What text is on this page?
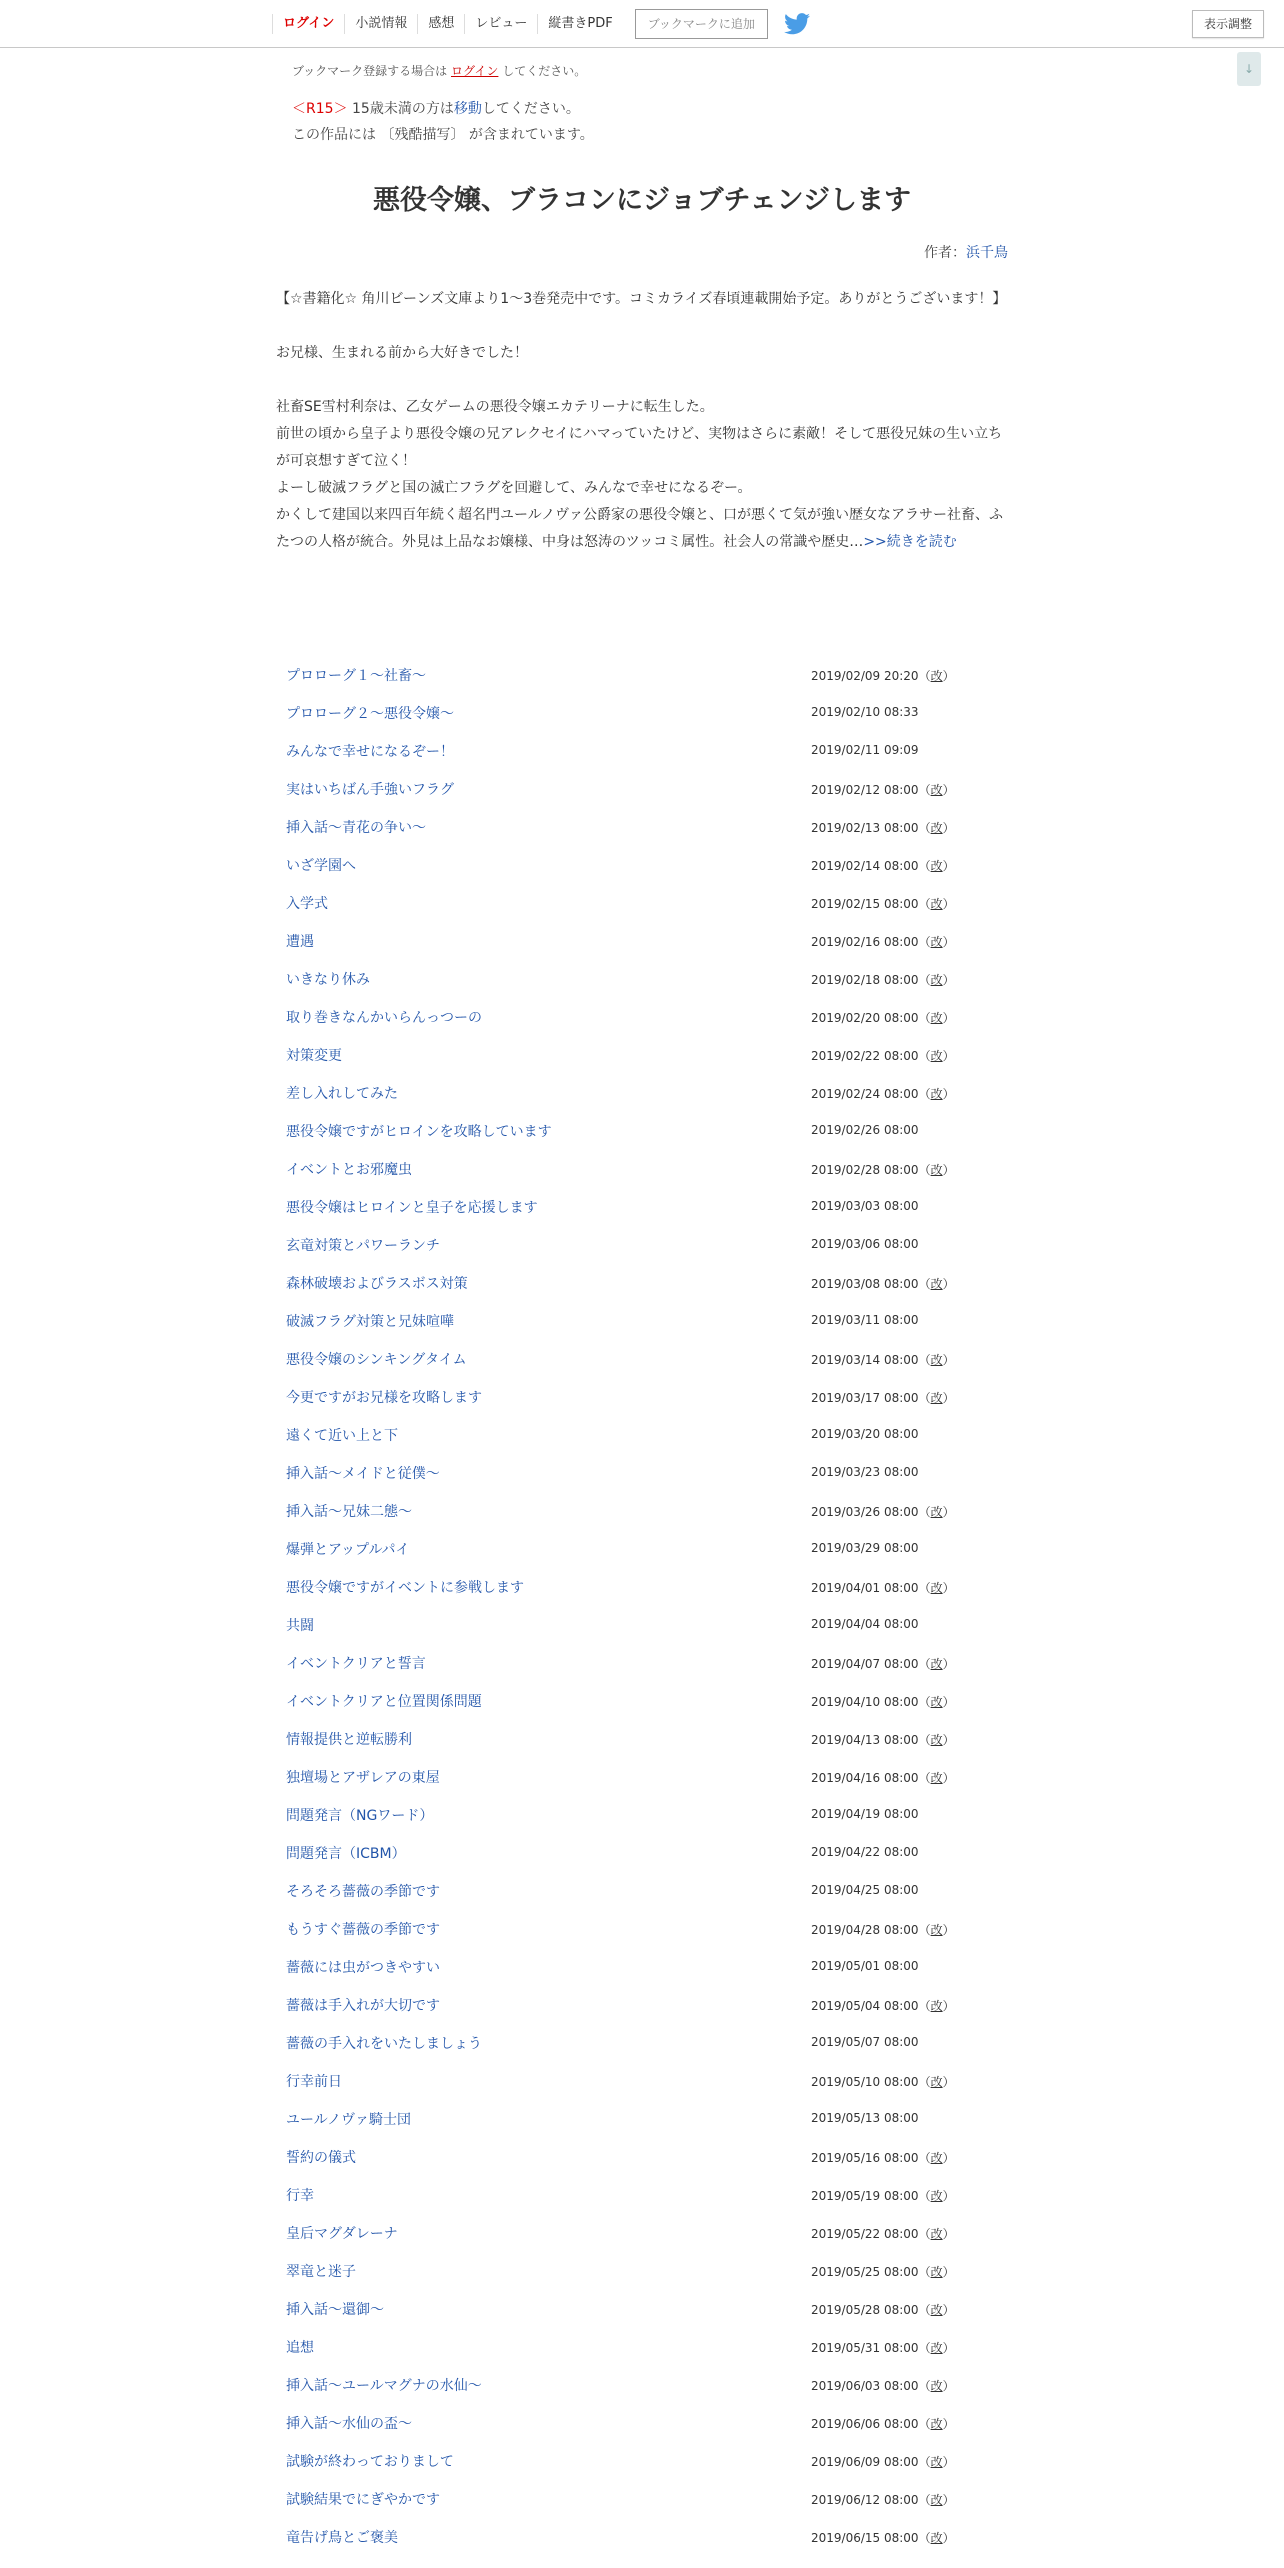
ログイン	小説情報	感想	レビュー	縦書きPDF	ブックマークに追加	表示調整
↓
ブックマーク登録する場合は ログイン してください。
＜R15＞ 15歳未満の方は移動してください。
この作品には 〔残酷描写〕 が含まれています。
悪役令嬢、ブラコンにジョブチェンジします
作者：浜千鳥

【☆書籍化☆ 角川ビーンズ文庫より1〜3巻発売中です。コミカライズ春頃連載開始予定。ありがとうございます！】

お兄様、生まれる前から大好きでした！

社畜SE雪村利奈は、乙女ゲームの悪役令嬢エカテリーナに転生した。

前世の頃から皇子より悪役令嬢の兄アレクセイにハマっていたけど、実物はさらに素敵！そして悪役兄妹の生い立ちが可哀想すぎて泣く！

よーし破滅フラグと国の滅亡フラグを回避して、みんなで幸せになるぞー。

かくして建国以来四百年続く超名門ユールノヴァ公爵家の悪役令嬢と、口が悪くて気が強い歴女なアラサー社畜、ふたつの人格が統合。外見は上品なお嬢様、中身は怒涛のツッコミ属性。社会人の常識や歴史…>>続きを読む

プロローグ１～社畜〜	2019/02/09 20:20（改）
プロローグ２～悪役令嬢〜	2019/02/10 08:33
みんなで幸せになるぞー！	2019/02/11 09:09
実はいちばん手強いフラグ	2019/02/12 08:00（改）
挿入話〜青花の争い〜	2019/02/13 08:00（改）
いざ学園へ	2019/02/14 08:00（改）
入学式	2019/02/15 08:00（改）
遭遇	2019/02/16 08:00（改）
いきなり休み	2019/02/18 08:00（改）
取り巻きなんかいらんっつーの	2019/02/20 08:00（改）
対策変更	2019/02/22 08:00（改）
差し入れしてみた	2019/02/24 08:00（改）
悪役令嬢ですがヒロインを攻略しています	2019/02/26 08:00
イベントとお邪魔虫	2019/02/28 08:00（改）
悪役令嬢はヒロインと皇子を応援します	2019/03/03 08:00
玄竜対策とパワーランチ	2019/03/06 08:00
森林破壊およびラスボス対策	2019/03/08 08:00（改）
破滅フラグ対策と兄妹喧嘩	2019/03/11 08:00
悪役令嬢のシンキングタイム	2019/03/14 08:00（改）
今更ですがお兄様を攻略します	2019/03/17 08:00（改）
遠くて近い上と下	2019/03/20 08:00
挿入話〜メイドと従僕〜	2019/03/23 08:00
挿入話〜兄妹二態〜	2019/03/26 08:00（改）
爆弾とアップルパイ	2019/03/29 08:00
悪役令嬢ですがイベントに参戦します	2019/04/01 08:00（改）
共闘	2019/04/04 08:00
イベントクリアと誓言	2019/04/07 08:00（改）
イベントクリアと位置関係問題	2019/04/10 08:00（改）
情報提供と逆転勝利	2019/04/13 08:00（改）
独壇場とアザレアの東屋	2019/04/16 08:00（改）
問題発言（NGワード）	2019/04/19 08:00
問題発言（ICBM）	2019/04/22 08:00
そろそろ薔薇の季節です	2019/04/25 08:00
もうすぐ薔薇の季節です	2019/04/28 08:00（改）
薔薇には虫がつきやすい	2019/05/01 08:00
薔薇は手入れが大切です	2019/05/04 08:00（改）
薔薇の手入れをいたしましょう	2019/05/07 08:00
行幸前日	2019/05/10 08:00（改）
ユールノヴァ騎士団	2019/05/13 08:00
誓約の儀式	2019/05/16 08:00（改）
行幸	2019/05/19 08:00（改）
皇后マグダレーナ	2019/05/22 08:00（改）
翠竜と迷子	2019/05/25 08:00（改）
挿入話〜還御〜	2019/05/28 08:00（改）
追想	2019/05/31 08:00（改）
挿入話～ユールマグナの水仙～	2019/06/03 08:00（改）
挿入話～水仙の盃～	2019/06/06 08:00（改）
試験が終わっておりまして	2019/06/09 08:00（改）
試験結果でにぎやかです	2019/06/12 08:00（改）
竜告げ鳥とご褒美	2019/06/15 08:00（改）
